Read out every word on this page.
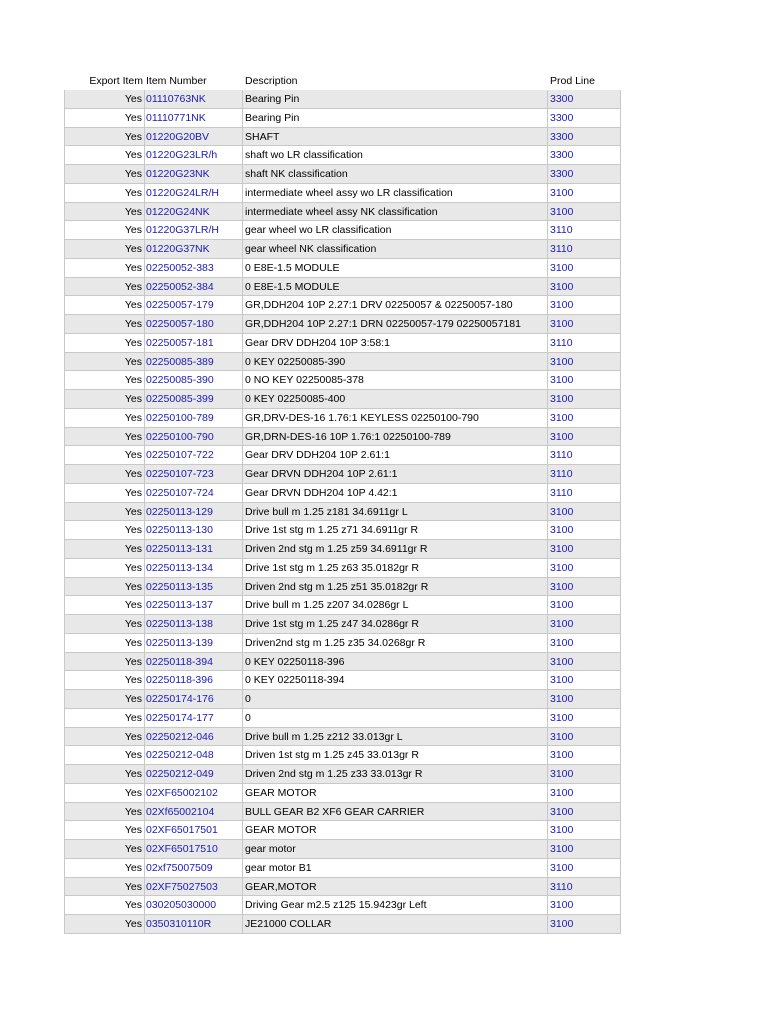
Export Item Item Number	Description	Prod Line
Yes 01110763NK	Bearing Pin	3300
Yes 01110771NK	Bearing Pin	3300
Yes 01220G20BV	SHAFT	3300
Yes 01220G23LR/h	shaft wo LR classification	3300
Yes 01220G23NK	shaft NK classification	3300
Yes 01220G24LR/H	intermediate wheel assy wo LR classification	3100
Yes 01220G24NK	intermediate wheel assy NK classification	3100
Yes 01220G37LR/H	gear wheel wo LR classification	3110
Yes 01220G37NK	gear wheel NK classification	3110
Yes 02250052-383	0 E8E-1.5 MODULE	3100
Yes 02250052-384	0 E8E-1.5 MODULE	3100
Yes 02250057-179	GR,DDH204 10P 2.27:1 DRV 02250057 & 02250057-180	3100
Yes 02250057-180	GR,DDH204 10P 2.27:1 DRN 02250057-179 02250057181	3100
Yes 02250057-181	Gear DRV DDH204 10P 3:58:1	3110
Yes 02250085-389	0 KEY 02250085-390	3100
Yes 02250085-390	0 NO KEY 02250085-378	3100
Yes 02250085-399	0 KEY 02250085-400	3100
Yes 02250100-789	GR,DRV-DES-16 1.76:1 KEYLESS 02250100-790	3100
Yes 02250100-790	GR,DRN-DES-16 10P 1.76:1 02250100-789	3100
Yes 02250107-722	Gear DRV DDH204 10P 2.61:1	3110
Yes 02250107-723	Gear DRVN DDH204 10P 2.61:1	3110
Yes 02250107-724	Gear DRVN DDH204 10P 4.42:1	3110
Yes 02250113-129	Drive bull m 1.25 z181 34.6911gr L	3100
Yes 02250113-130	Drive 1st stg m 1.25 z71 34.6911gr R	3100
Yes 02250113-131	Driven 2nd stg m 1.25 z59 34.6911gr R	3100
Yes 02250113-134	Drive 1st stg m 1.25 z63 35.0182gr R	3100
Yes 02250113-135	Driven 2nd stg m 1.25 z51 35.0182gr R	3100
Yes 02250113-137	Drive bull m 1.25 z207 34.0286gr L	3100
Yes 02250113-138	Drive 1st stg m 1.25 z47 34.0286gr R	3100
Yes 02250113-139	Driven2nd stg m 1.25 z35 34.0268gr R	3100
Yes 02250118-394	0 KEY 02250118-396	3100
Yes 02250118-396	0 KEY 02250118-394	3100
Yes 02250174-176	0	3100
Yes 02250174-177	0	3100
Yes 02250212-046	Drive bull m 1.25 z212 33.013gr L	3100
Yes 02250212-048	Driven 1st stg m 1.25 z45 33.013gr R	3100
Yes 02250212-049	Driven 2nd stg m 1.25 z33 33.013gr R	3100
Yes 02XF65002102	GEAR MOTOR	3100
Yes 02Xf65002104	BULL GEAR B2 XF6 GEAR CARRIER	3100
Yes 02XF65017501	GEAR MOTOR	3100
Yes 02XF65017510	gear motor	3100
Yes 02xf75007509	gear motor B1	3100
Yes 02XF75027503	GEAR,MOTOR	3110
Yes 030205030000	Driving Gear m2.5 z125 15.9423gr Left	3100
Yes 0350310110R	JE21000 COLLAR	3100
